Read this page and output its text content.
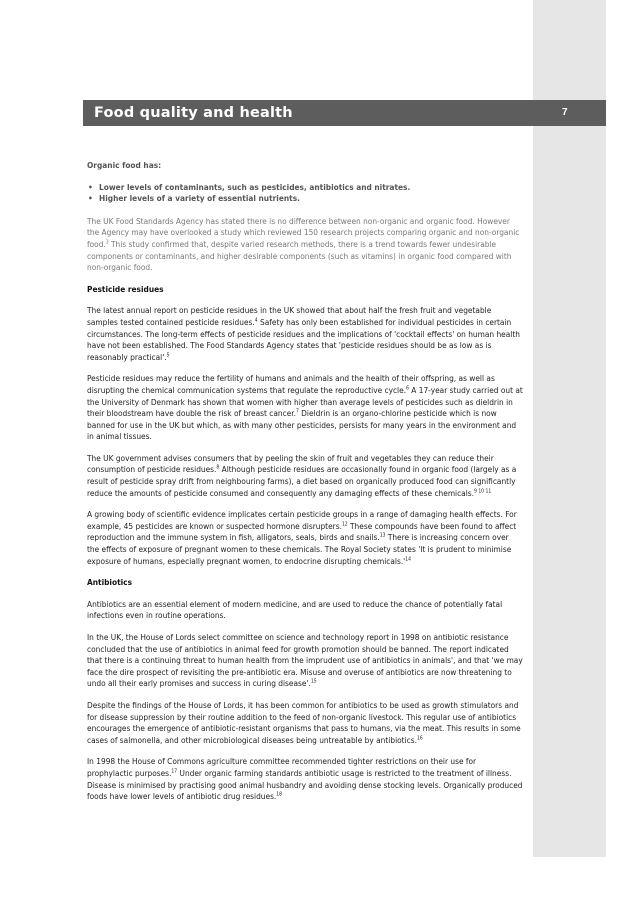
Food quality and health	7

Organic food has:

• Lower levels of contaminants, such as pesticides, antibiotics and nitrates.
• Higher levels of a variety of essential nutrients.

The UK Food Standards Agency has stated there is no difference between non-organic and organic food. However the Agency may have overlooked a study which reviewed 150 research projects comparing organic and non-organic food.$^3$ This study confirmed that, despite varied research methods, there is a trend towards fewer undesirable components or contaminants, and higher desirable components (such as vitamins) in organic food compared with non-organic food.

Pesticide residues

The latest annual report on pesticide residues in the UK showed that about half the fresh fruit and vegetable samples tested contained pesticide residues.$^4$ Safety has only been established for individual pesticides in certain circumstances. The long-term effects of pesticide residues and the implications of 'cocktail effects' on human health have not been established. The Food Standards Agency states that 'pesticide residues should be as low as is reasonably practical'.$^5$

Pesticide residues may reduce the fertility of humans and animals and the health of their offspring, as well as disrupting the chemical communication systems that regulate the reproductive cycle.$^6$ A 17-year study carried out at the University of Denmark has shown that women with higher than average levels of pesticides such as dieldrin in their bloodstream have double the risk of breast cancer.$^7$ Dieldrin is an organo-chlorine pesticide which is now banned for use in the UK but which, as with many other pesticides, persists for many years in the environment and in animal tissues.

The UK government advises consumers that by peeling the skin of fruit and vegetables they can reduce their consumption of pesticide residues.$^8$ Although pesticide residues are occasionally found in organic food (largely as a result of pesticide spray drift from neighbouring farms), a diet based on organically produced food can significantly reduce the amounts of pesticide consumed and consequently any damaging effects of these chemicals.$^{9 10 11}$

A growing body of scientific evidence implicates certain pesticide groups in a range of damaging health effects. For example, 45 pesticides are known or suspected hormone disrupters.$^{12}$ These compounds have been found to affect reproduction and the immune system in fish, alligators, seals, birds and snails.$^{13}$ There is increasing concern over the effects of exposure of pregnant women to these chemicals. The Royal Society states 'It is prudent to minimise exposure of humans, especially pregnant women, to endocrine disrupting $chemicals.'^{14}$

Antibiotics

Antibiotics are an essential element of modern medicine, and are used to reduce the chance of potentially fatal infections even in routine operations.

In the UK, the House of Lords select committee on science and technology report in 1998 on antibiotic resistance concluded that the use of antibiotics in animal feed for growth promotion should be banned. The report indicated that there is a continuing threat to human health from the imprudent use of antibiotics in animals', and that 'we may face the dire prospect of revisiting the pre-antibiotic era. Misuse and overuse of antibiotics are now threatening to undo all their early promises and success in curing disease'.$^{15}$

Despite the findings of the House of Lords, it has been common for antibiotics to be used as growth stimulators and for disease suppression by their routine addition to the feed of non-organic livestock. This regular use of antibiotics encourages the emergence of antibiotic-resistant organisms that pass to humans, via the meat. This results in some cases of salmonella, and other microbiological diseases being untreatable by antibiotics.$^{16}$

In 1998 the House of Commons agriculture committee recommended tighter restrictions on their use for prophylactic purposes.$^{17}$ Under organic farming standards antibiotic usage is restricted to the treatment of illness. Disease is minimised by practising good animal husbandry and avoiding dense stocking levels. Organically produced foods have lower levels of antibiotic drug residues.$^{18}$
